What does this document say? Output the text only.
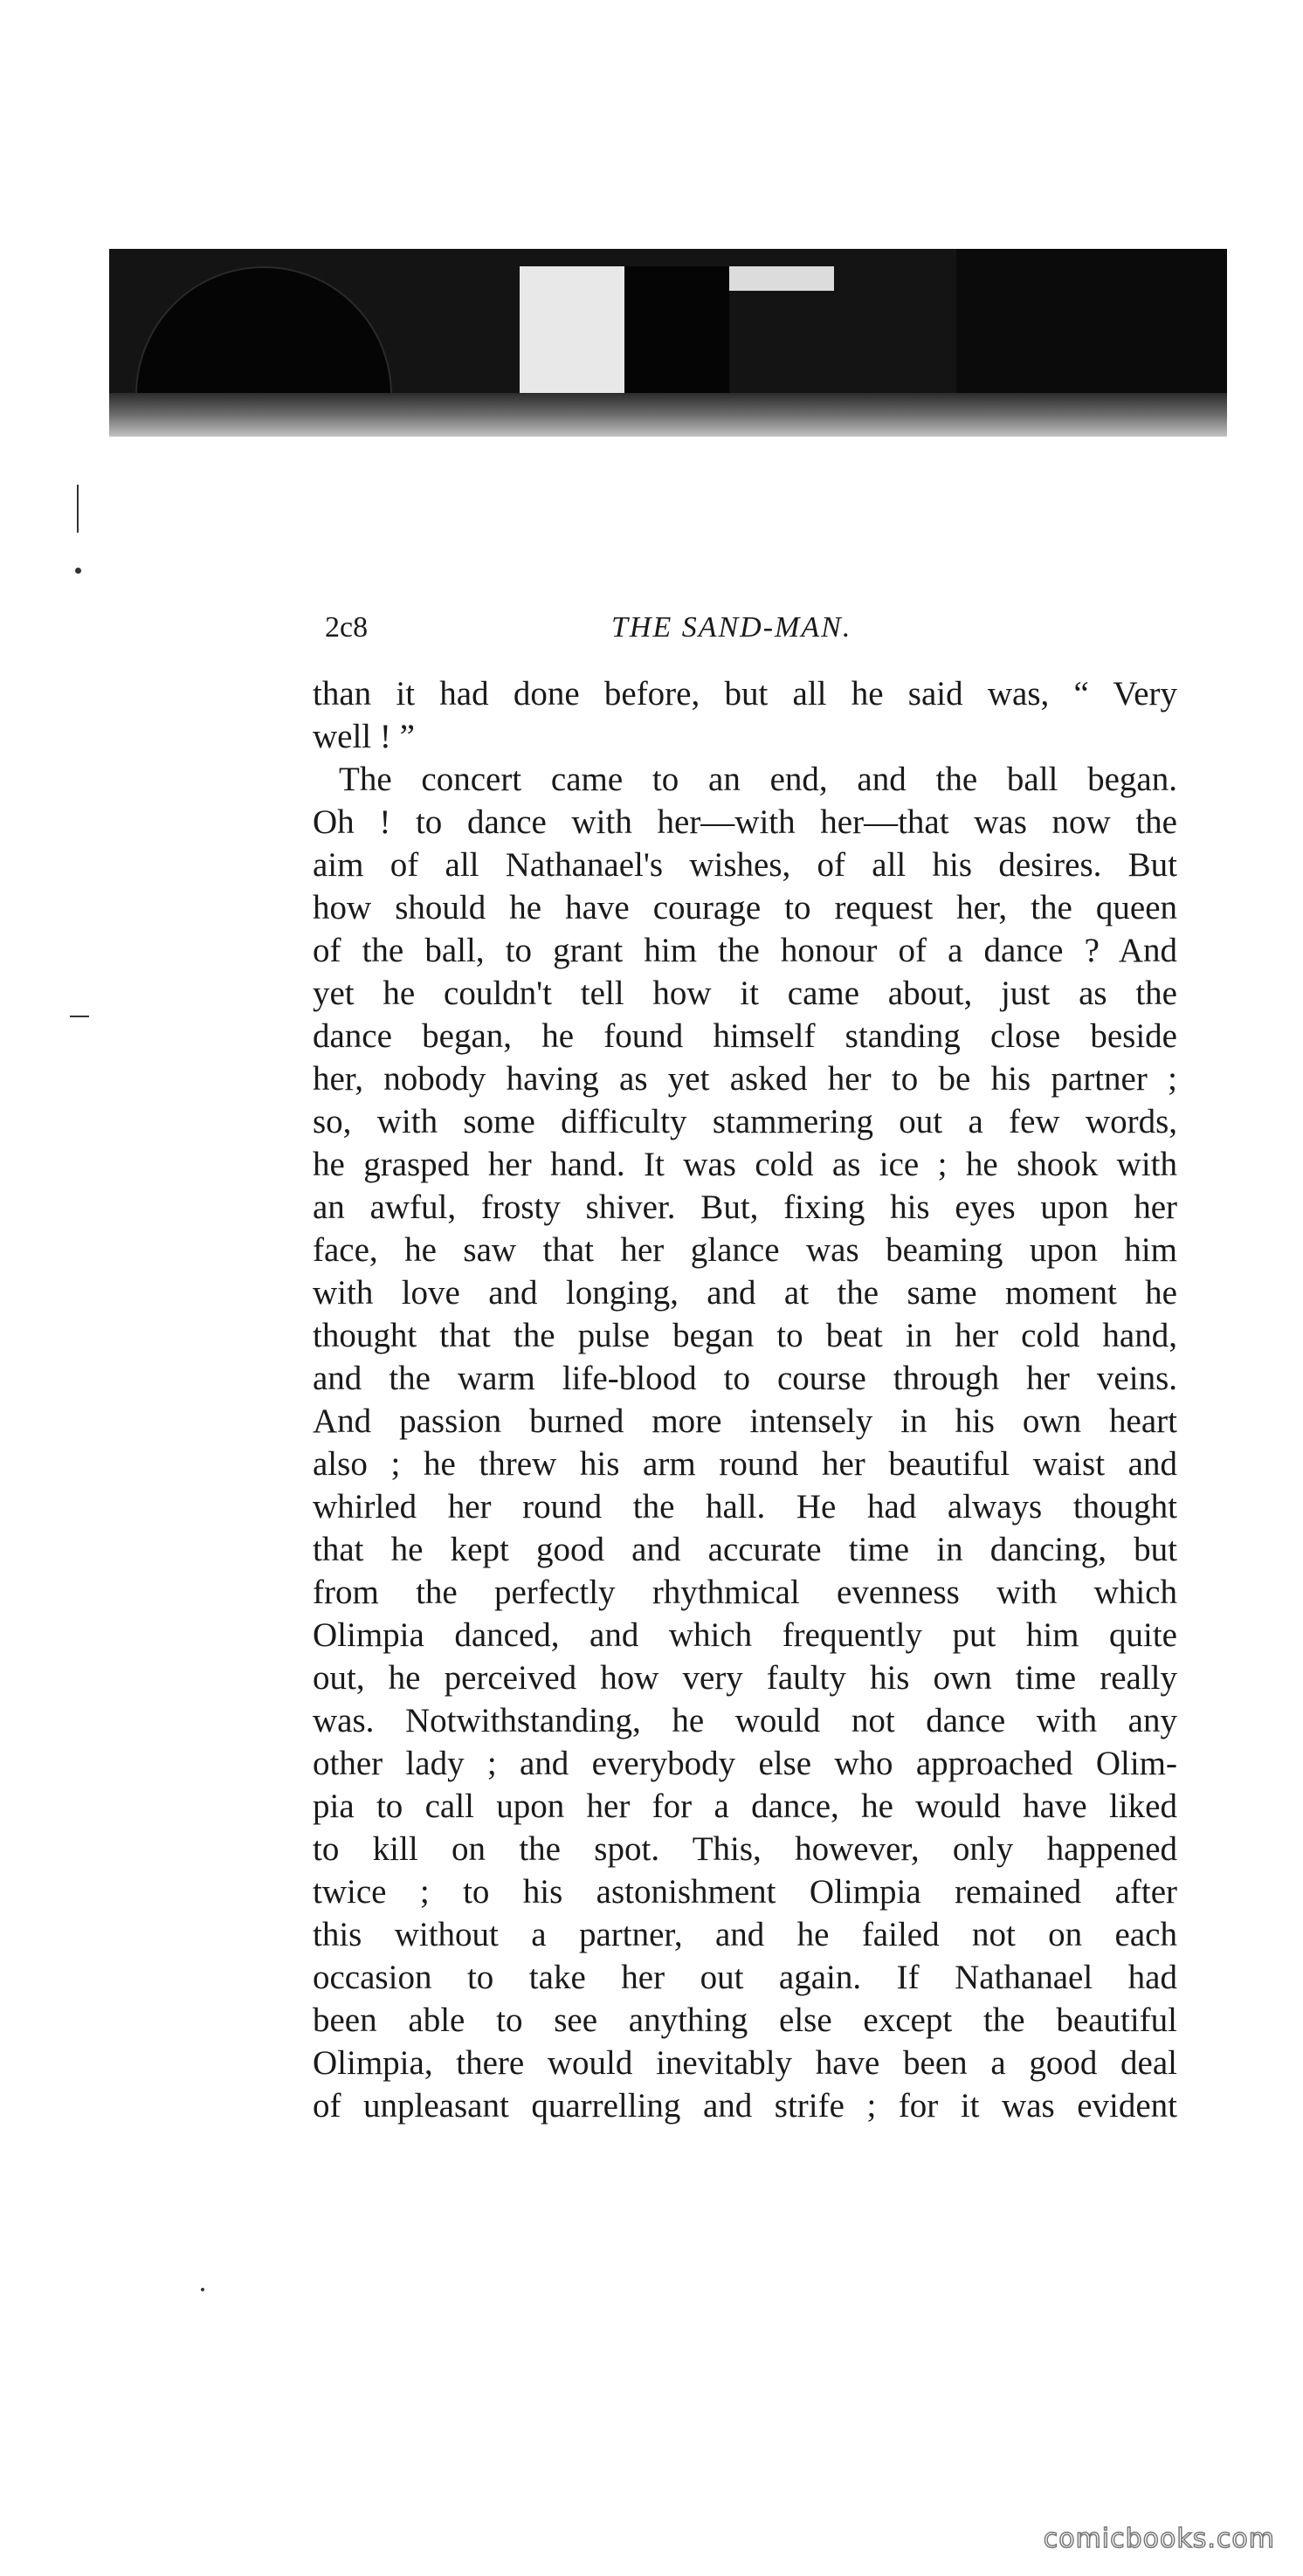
2c8	THE SAND-MAN.
than it had done before, but all he said was, “ Very
well ! ”
The concert came to an end, and the ball began.
Oh ! to dance with her—with her—that was now the
aim of all Nathanael's wishes, of all his desires. But
how should he have courage to request her, the queen
of the ball, to grant him the honour of a dance ? And
yet he couldn't tell how it came about, just as the
dance began, he found himself standing close beside
her, nobody having as yet asked her to be his partner ;
so, with some difficulty stammering out a few words,
he grasped her hand. It was cold as ice ; he shook with
an awful, frosty shiver. But, fixing his eyes upon her
face, he saw that her glance was beaming upon him
with love and longing, and at the same moment he
thought that the pulse began to beat in her cold hand,
and the warm life-blood to course through her veins.
And passion burned more intensely in his own heart
also ; he threw his arm round her beautiful waist and
whirled her round the hall. He had always thought
that he kept good and accurate time in dancing, but
from the perfectly rhythmical evenness with which
Olimpia danced, and which frequently put him quite
out, he perceived how very faulty his own time really
was. Notwithstanding, he would not dance with any
other lady ; and everybody else who approached Olim-
pia to call upon her for a dance, he would have liked
to kill on the spot. This, however, only happened
twice ; to his astonishment Olimpia remained after
this without a partner, and he failed not on each
occasion to take her out again. If Nathanael had
been able to see anything else except the beautiful
Olimpia, there would inevitably have been a good deal
of unpleasant quarrelling and strife ; for it was evident
comicbooks.com
